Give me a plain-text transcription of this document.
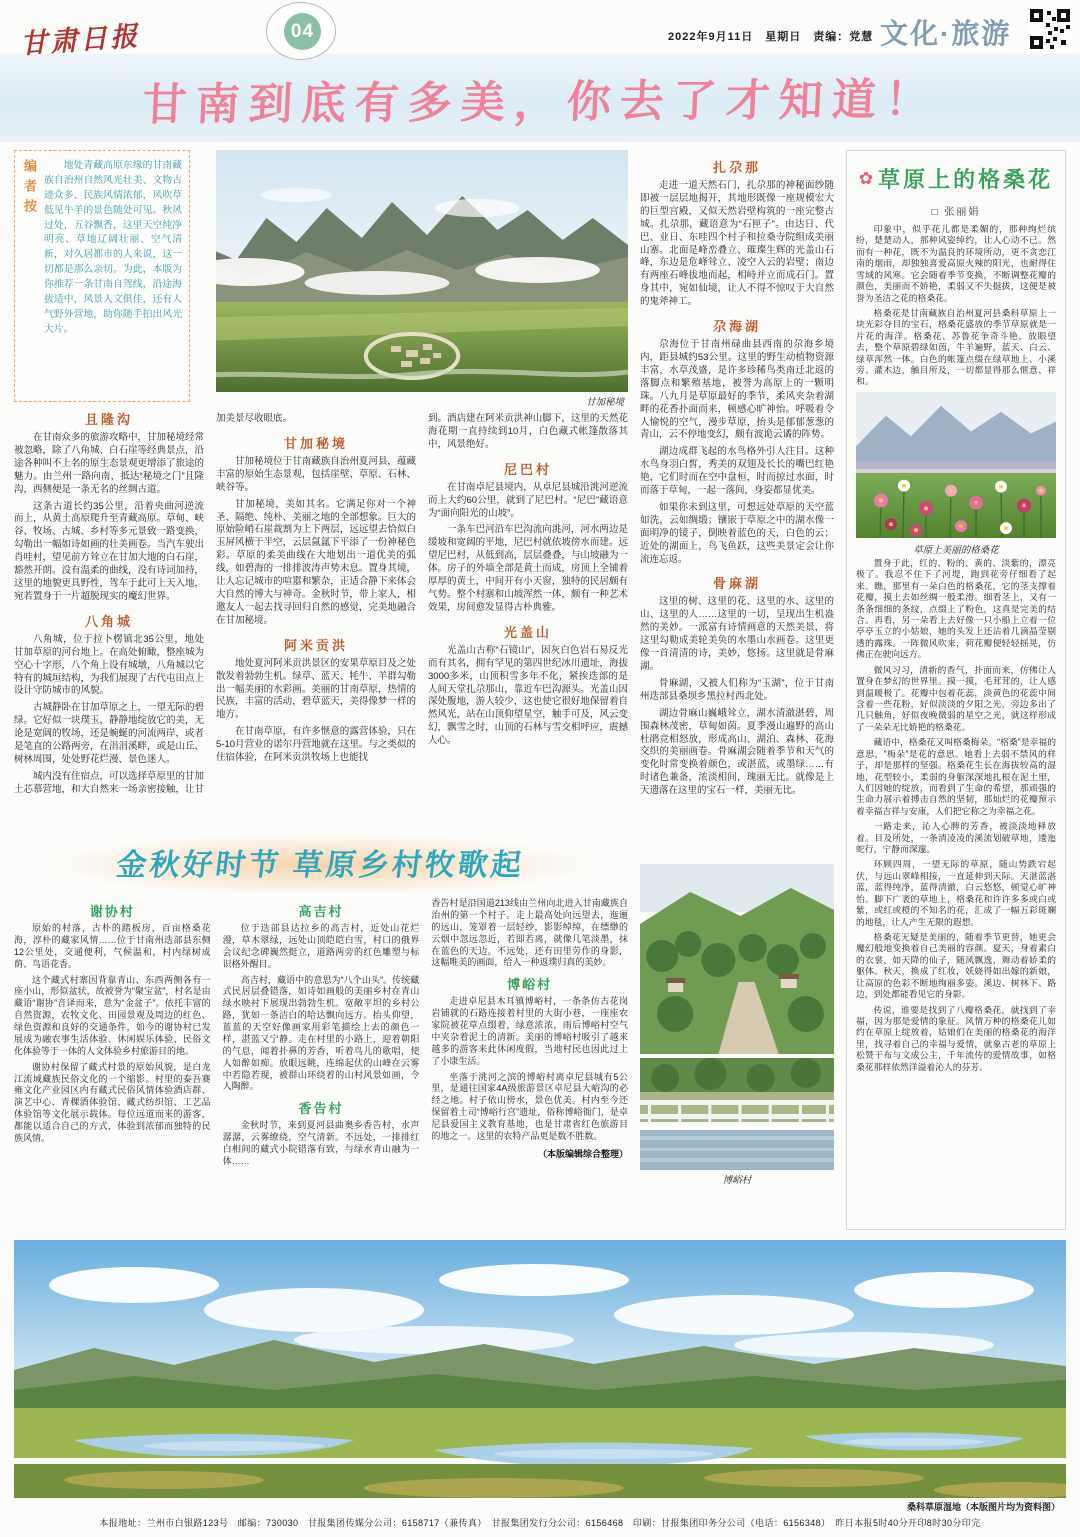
甘肃日报	04	2022年9月11日　星期日　责编：党慧 文化·旅游
甘南到底有多美，你去了才知道！
编者按	地处青藏高原东缘的甘南藏族自治州自然风光壮美、文物古迹众多、民族风情浓郁，风吹草低见牛羊的景色随处可见。秋风过处，五谷飘香，这里天空纯净明亮、草地辽阔壮丽、空气清新，对久居都市的人来说，这一切都是那么亲切。为此，本版为你推荐一条甘南自驾线，沿途海拔适中，风景人文俱佳，还有人气野外营地，助你随手拍出风光大片。
且隆沟
在甘南众多的旅游攻略中，甘加秘境经常被忽略，除了八角城、白石崖等经典景点，沿途各种叫不上名的原生态景观更增添了旅途的魅力。由兰州一路向南，抵达“秘境之门”且隆沟，西侧便是一条无名的丝绸古道。
这条古道长约35公里，沿着央曲河逆流而上，从黄土高原爬升至青藏高原。草甸、峡谷、牧场、古城、乡村等多元景致一路变换，勾勒出一幅如诗如画的壮美画卷。当汽车驶出肖哇村，望见前方耸立在甘加大地的白石崖，豁然开朗。没有温柔的曲线，没有诗词加持，这里的地貌更具野性，驾车于此可上天入地，宛若置身于一片超脱现实的魔幻世界。
八角城
八角城，位于拉卜楞镇北35公里，地处甘加草原的河台地上。在高处俯瞰，整座城为空心十字形，八个角上设有城墩，八角城以它特有的城垣结构，为我们展现了古代屯田点上设计守防城市的风貌。
古城静卧在甘加草原之上，一望无际的碧绿。它好似一块璞玉，静静地绽放它的美，无论是宽阔的牧场，还是蜿蜒的河流两岸，或者是笔直的公路两旁，在涓涓溪畔，或是山丘、树林周围，处处野花烂漫、景色迷人。
城内没有住宿点，可以选择草原里的甘加土芯慕营地，和大自然来一场亲密接触，让甘
甘加秘境
加美景尽收眼底。
甘加秘境
甘加秘境位于甘南藏族自治州夏河县，蕴藏丰富的原始生态景观，包括崖壁、草原、石林、峡谷等。
甘加秘境，美如其名。它满足你对一个神圣、隔绝、纯朴、美丽之地的全部想象。巨大的原始险峭石崖裁割为上下两层，远远望去恰似白玉屏风横于半空，云层氤氲下平添了一份神秘色彩。草原的柔美曲线在大地划出一道优美的弧线，如碧海的一排排波涛声势未息。置身其境，让人忘记城市的喧嚣和繁杂，正适合静下来体会大自然的博大与神奇。金秋时节，带上家人，相邀友人一起去找寻回归自然的感觉，完美地融合在甘加秘境。
阿米贡洪
地处夏河阿米贡洪景区的安果草原目及之处散发着勃勃生机。绿草、蓝天、牦牛、羊群勾勒出一幅美丽的水彩画。美丽的甘南草原，热情的民族，丰富的活动，碧草蓝天，美得像梦一样的地方。
在甘南草原，有许多惬意的露营体验，只在5-10月营业的诺尔丹营地就在这里。与之类似的住宿体验，在阿米贡洪牧场上也能找
到。酒店建在阿米贡洪神山脚下，这里的天然花海花期一直持续到10月，白色藏式帐篷散落其中，风景绝好。
尼巴村
在甘南卓尼县境内，从卓尼县城沿洮河逆流而上大约60公里，就到了尼巴村。“尼巴”藏语意为“面向阳光的山坡”。
一条车巴河沿车巴沟流向洮河，河水两边是缓坡和宽阔的平地，尼巴村就依坡傍水而建。远望尼巴村，从低到高，层层叠叠，与山坡融为一体。房子的外墙全部是黄土而成，房顶上全铺着厚厚的黄土，中间开有小天窗，独特的民居颇有气势。整个村寨和山坡浑然一体，颇有一种艺术效果，房间愈发显得古朴典雅。
光盖山
光盖山古称“石镜山”，因灰白色岩石易反光而有其名，拥有罕见的第四世纪冰川遗址，海拔3000多米，山顶积雪多年不化，紧挨迭部的是人间天堂扎尕那山，靠近车巴沟源头。光盖山因深处腹地，游人较少，这也使它很好地保留着自然风光，站在山顶仰望星空，触手可及，风云变幻，飘雪之时，山顶的石林与雪交相呼应，震撼人心。
扎尕那
走进一道天然石门，扎尕那的神秘面纱随即被一层层地揭开，其地形既像一座规模宏大的巨型宫殿，又似天然岩壁构筑的一座完整古城。扎尕那，藏语意为“石匣子”。由达日、代巴、业日、东哇四个村子和拉桑寺院组成美丽山寨。北面是峰峦叠立、璀璨生辉的光盖山石峰，东边是危峰耸立、凌空入云的岩壁；南边有两座石峰拔地而起，相峙并立而成石门。置身其中，宛如仙境，让人不得不惊叹于大自然的鬼斧神工。
尕海湖
尕海位于甘南州碌曲县西南的尕海乡境内，距县城约53公里。这里的野生动植物资源丰富，水草茂盛，是许多珍稀鸟类南迁北返的落脚点和繁殖基地，被誉为高原上的一颗明珠。八九月是草原最好的季节，柔风夹杂着湖畔的花香扑面而来，顿感心旷神怡。呼吸着令人愉悦的空气，漫步草原，抬头是郁郁葱葱的青山，云不停地变幻，颇有波诡云谲的阵势。
湖边成群飞起的水鸟格外引人注目。这种水鸟身羽白皙，秀美的双翅及长长的嘴巴红艳艳，它们时而在空中盘桓，时而掠过水面，时而落于草甸，一起一落间，身姿都显优美。
如果你未到这里，可想远处草原的天空蓝如洗，云如绸缎；镶嵌于草原之中的湖水像一面明净的镜子，倒映着蓝色的天，白色的云；近处的湖面上，鸟飞鱼跃，这些美景定会让你流连忘返。
骨麻湖
这里的树、这里的花、这里的水、这里的山、这里的人……这里的一切，呈现出生机盎然的美妙。一派富有诗情画意的天然美景，将这里勾勒成美轮美奂的水墨山水画卷。这里更像一首清清的诗，美妙，悠扬。这里就是骨麻湖。
骨麻湖，又被人们称为“玉湖”，位于甘南州迭部县桑坝乡黑拉村西北处。
湖边骨麻山巍峨耸立，湖水清澈湛碧，周围森林茂密，草甸如茵。夏季漫山遍野的高山杜鹃竞相怒放，形成高山、湖泊、森林、花海交织的美丽画卷。骨麻湖会随着季节和天气的变化时常变换着颜色，或湛蓝，或墨绿……有时诸色兼备，浓淡相间，瑰丽无比。就像是上天遗落在这里的宝石一样，美丽无比。
金秋好时节 草原乡村牧歌起
谢协村
原始的村落，古朴的踏板房，百亩格桑花海，淳朴的藏家风情……位于甘南州迭部县东侧12公里处，交通便利，气候温和，村内绿树成荫、鸟语花香。
这个藏式村寨因背靠青山、东西两侧各有一座小山，形似盆状，故被誉为“聚宝盆”，村名是由藏语“谢协”音译而来，意为“金盆子”。依托丰富的自然资源，农牧文化、田园景观及周边的红色、绿色资源和良好的交通条件，如今的谢协村已发展成为融农事生活体验、休闲娱乐体验、民俗文化体验等于一体的人文体验乡村旅游目的地。
谢协村保留了藏式村景的原始风貌，是白龙江流域藏族民俗文化的一个缩影。村里的泰吾赛雍文化产业园区内有藏式民俗风情体验酒店群、演艺中心、青稞酒体验馆、藏式纺织馆、工艺品体验馆等文化展示载体。每位远道而来的游客，都能以适合自己的方式，体验到浓郁而独特的民族风情。
高吉村
位于迭部县达拉乡的高吉村，近处山花烂漫，草木翠绿，远处山顶皑皑白雪，村口的俄界会议纪念碑巍然挺立，道路两旁的红色雕塑与标识格外醒目。
高吉村，藏语中的意思为“八个山头”。传统藏式民居层叠错落，如诗如画般的美丽乡村在青山绿水映衬下展现出勃勃生机。宽敞平坦的乡村公路，犹如一条洁白的哈达飘向远方。抬头仰望，蓝蓝的天空好像画家用彩笔描绘上去的颜色一样，湛蓝又宁静。走在村里的小路上，迎着朝阳的气息，闻着扑鼻的芳香，听着鸟儿的歌唱，使人如醉如痴。放眼远眺，连绵起伏的山峰在云雾中若隐若现，被群山环绕着的山村风景如画，令人陶醉。
香告村
金秋时节，来到夏河县曲奥乡香告村，水声潺潺，云雾缭绕，空气清新。不远处，一排排红白相间的藏式小院错落有致，与绿水青山融为一体……
香告村是沿国道213线由兰州向北进入甘南藏族自治州的第一个村子。走上最高处向远望去，迤逦的远山，笼罩着一层轻纱，影影绰绰，在缥缈的云烟中忽远忽近，若即若离，就像几笔淡墨，抹在蓝色的天边。不远处，还有田里劳作的身影，这幅唯美的画面，给人一种返璞归真的美妙。
博峪村
走进卓尼县木耳镇博峪村，一条条仿古花岗岩铺就的石路连接着村里的大街小巷，一座座农家院被花草点缀着，绿意浓浓，雨后博峪村空气中夹杂着泥土的清新。美丽的博峪村吸引了越来越多的游客来此休闲度假，当地村民也因此过上了小康生活。
坐落于洮河之滨的博峪村离卓尼县城有5公里，是通往国家4A级旅游景区卓尼县大峪沟的必经之地。村子依山傍水，景色优美。村内至今还保留着土司“博峪行宫”遗址，俗称博峪衙门，是卓尼县爱国主义教育基地，也是甘肃省红色旅游目的地之一。这里的农特产品更是数不胜数。
（本版编辑综合整理）
博峪村
✿ 草原上的格桑花
□ 张丽娟
印象中，似乎花儿都是柔媚的，那种绚烂缤纷，楚楚动人，那种风姿绰约，让人心动不已。然而有一种花，既不为温良的环境所动，更不贪恋江南的烟雨，却独独喜爱高原火辣的阳光，也耐得住雪域的风寒。它会随着季节变换，不断调整花瓣的颜色，美丽而不娇艳，柔弱又不失挺拔，这便是被誉为圣洁之花的格桑花。
格桑花是甘南藏族自治州夏河县桑科草原上一块光彩夺目的宝石，格桑花盛放的季节草原就是一片花的海洋。格桑花、苏鲁花争奇斗艳，放眼望去，整个草原碧绿如茵，牛羊遍野，蓝天、白云、绿草浑然一体。白色的帐篷点缀在绿草地上、小溪旁、灌木边，触目所及，一切都显得那么惬意、祥和。
草原上美丽的格桑花
置身于此，红的、粉的、黄的、淡紫的，漂亮极了。我忍不住下了河堤，跑到花旁仔细看了起来。瞧，那里有一朵白色的格桑花，它的茎支撑着花瓣，摸上去如丝绸一般柔滑。细看茎上，又有一条条细细的条纹，点缀上了粉色，这真是完美的结合。再看，另一朵看上去好像一只小船上立着一位亭亭玉立的小姑娘，她的头发上还沾着几滴晶莹剔透的露珠。一阵微风吹来，荷花瓣便轻轻摇晃，仿佛正在驶向远方。
微风习习，清新的香气，扑面而来，仿佛让人置身在梦幻的世界里。摸一摸，毛茸茸的，让人感到温暖极了。花瓣中包着花蕊，淡黄色的花蕊中间含着一些花粉，好似淡淡的夕阳之光，旁边多出了几只触角，好似夜晚微弱的星空之光，就这样形成了一朵朵无比娇艳的格桑花。
藏语中，格桑花又叫格桑梅朵。“格桑”是幸福的意思，“梅朵”是花的意思。她看上去弱不禁风的样子，却是那样的坚强。格桑花生长在海拔较高的湿地，花型较小，柔弱的身躯深深地扎根在泥土里，人们因她的绽放，而看到了生命的希望，那顽强的生命力展示着搏击自然的坚韧，那灿烂的花瓣预示着幸福吉祥与安康，人们把它称之为幸福之花。
一路走来，沁人心脾的芳香，被淡淡地释放着。目及所处，一条清凌凌的溪流划破草地，逶迤蛇行，宁静而深邃。
环顾四周，一望无际的草原，随山势跌宕起伏，与远山翠峰相接，一直延伸到天际。天湛蓝湛蓝，蓝得纯净，蓝得清澈，白云悠悠，顿觉心旷神怡。脚下广袤的草地上，格桑花和许许多多或白或紫，或红或橙的不知名的花，汇成了一幅五彩斑斓的地毯，让人产生无限的遐想。
格桑花无疑是美丽的，随着季节更替，她更会魔幻般地变换着自己美丽的容颜。夏天，身着素白的衣裳，如天降的仙子，随风飘逸，舞动着娇柔的躯体。秋天，换成了红妆，妖娆得如出嫁的新娘，让高原的色彩不断地绚丽多姿。溪边、树林下、路边，到处都能看见它的身影。
传说，谁要是找到了八瓣格桑花，就找到了幸福，因为那是爱情的象征。风情万种的格桑花儿如约在草原上绽放着，姑娘们在美丽的格桑花的海洋里，找寻着自己的幸福与爱情，就象古老的草原上松赞干布与文成公主，千年流传的爱情故事，如格桑花那样依然洋溢着沁人的芬芳。
桑科草原湿地（本版图片均为资料图）
本报地址：兰州市白银路123号　邮编：730030　甘报集团传媒分公司：6158717（兼传真）　甘报集团发行分公司：6156468　印刷：甘报集团印务分公司（电话：6156348）　昨日本报5时40分开印8时30分印完
